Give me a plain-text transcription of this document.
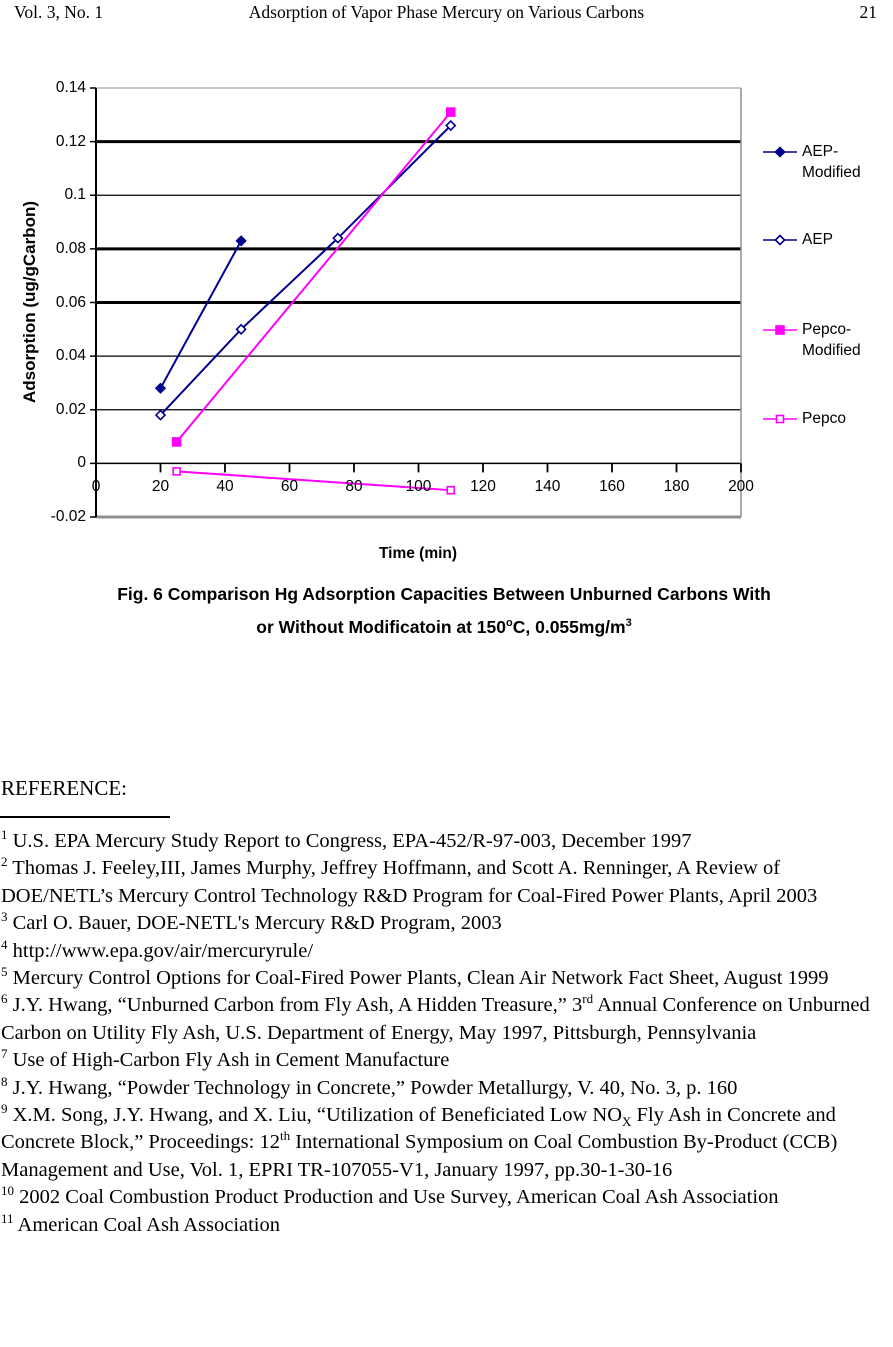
Vol. 3, No. 1	Adsorption of Vapor Phase Mercury on Various Carbons	21
Adsorption (ug/gCarbon)
0.14
0.12
0.1
0.08
0.06
0.04
0.02
0
-0.02
0	20	40	60	80	100	120	140	160	180	200
Time (min)
AEP-Modified
AEP
Pepco-Modified
Pepco
Fig. 6 Comparison Hg Adsorption Capacities Between Unburned Carbons With
or Without Modificatoin at 150$^o$C, $0.055mg/m^3$
REFERENCE:
$^1$ U.S. EPA Mercury Study Report to Congress, EPA-452/R-97-003, December 1997
$^2$ Thomas J. Feeley,III, James Murphy, Jeffrey Hoffmann, and Scott A. Renninger, A Review of DOE/NETL’s Mercury Control Technology R&D Program for Coal-Fired Power Plants, April 2003
$^3$ Carl O. Bauer, DOE-NETL's Mercury R&D Program, 2003
$^4$ http://www.epa.gov/air/mercuryrule/
$^5$ Mercury Control Options for Coal-Fired Power Plants, Clean Air Network Fact Sheet, August 1999
$^6$ J.Y. Hwang, “Unburned Carbon from Fly Ash, A Hidden Treasure,” 3rd Annual Conference on Unburned Carbon on Utility Fly Ash, U.S. Department of Energy, May 1997, Pittsburgh, Pennsylvania
$^7$ Use of High-Carbon Fly Ash in Cement Manufacture
$^8$ J.Y. Hwang, “Powder Technology in Concrete,” Powder Metallurgy, V. 40, No. 3, p. 160
$^9$ X.M. Song, J.Y. Hwang, and X. Liu, “Utilization of Beneficiated Low $NO_X$ Fly Ash in Concrete and Concrete Block,” Proceedings: 12th International Symposium on Coal Combustion By-Product (CCB) Management and Use, Vol. 1, EPRI TR-107055-V1, January 1997, pp.30-1-30-16
$^{10}$ 2002 Coal Combustion Product Production and Use Survey, American Coal Ash Association
$^{11}$ American Coal Ash Association
